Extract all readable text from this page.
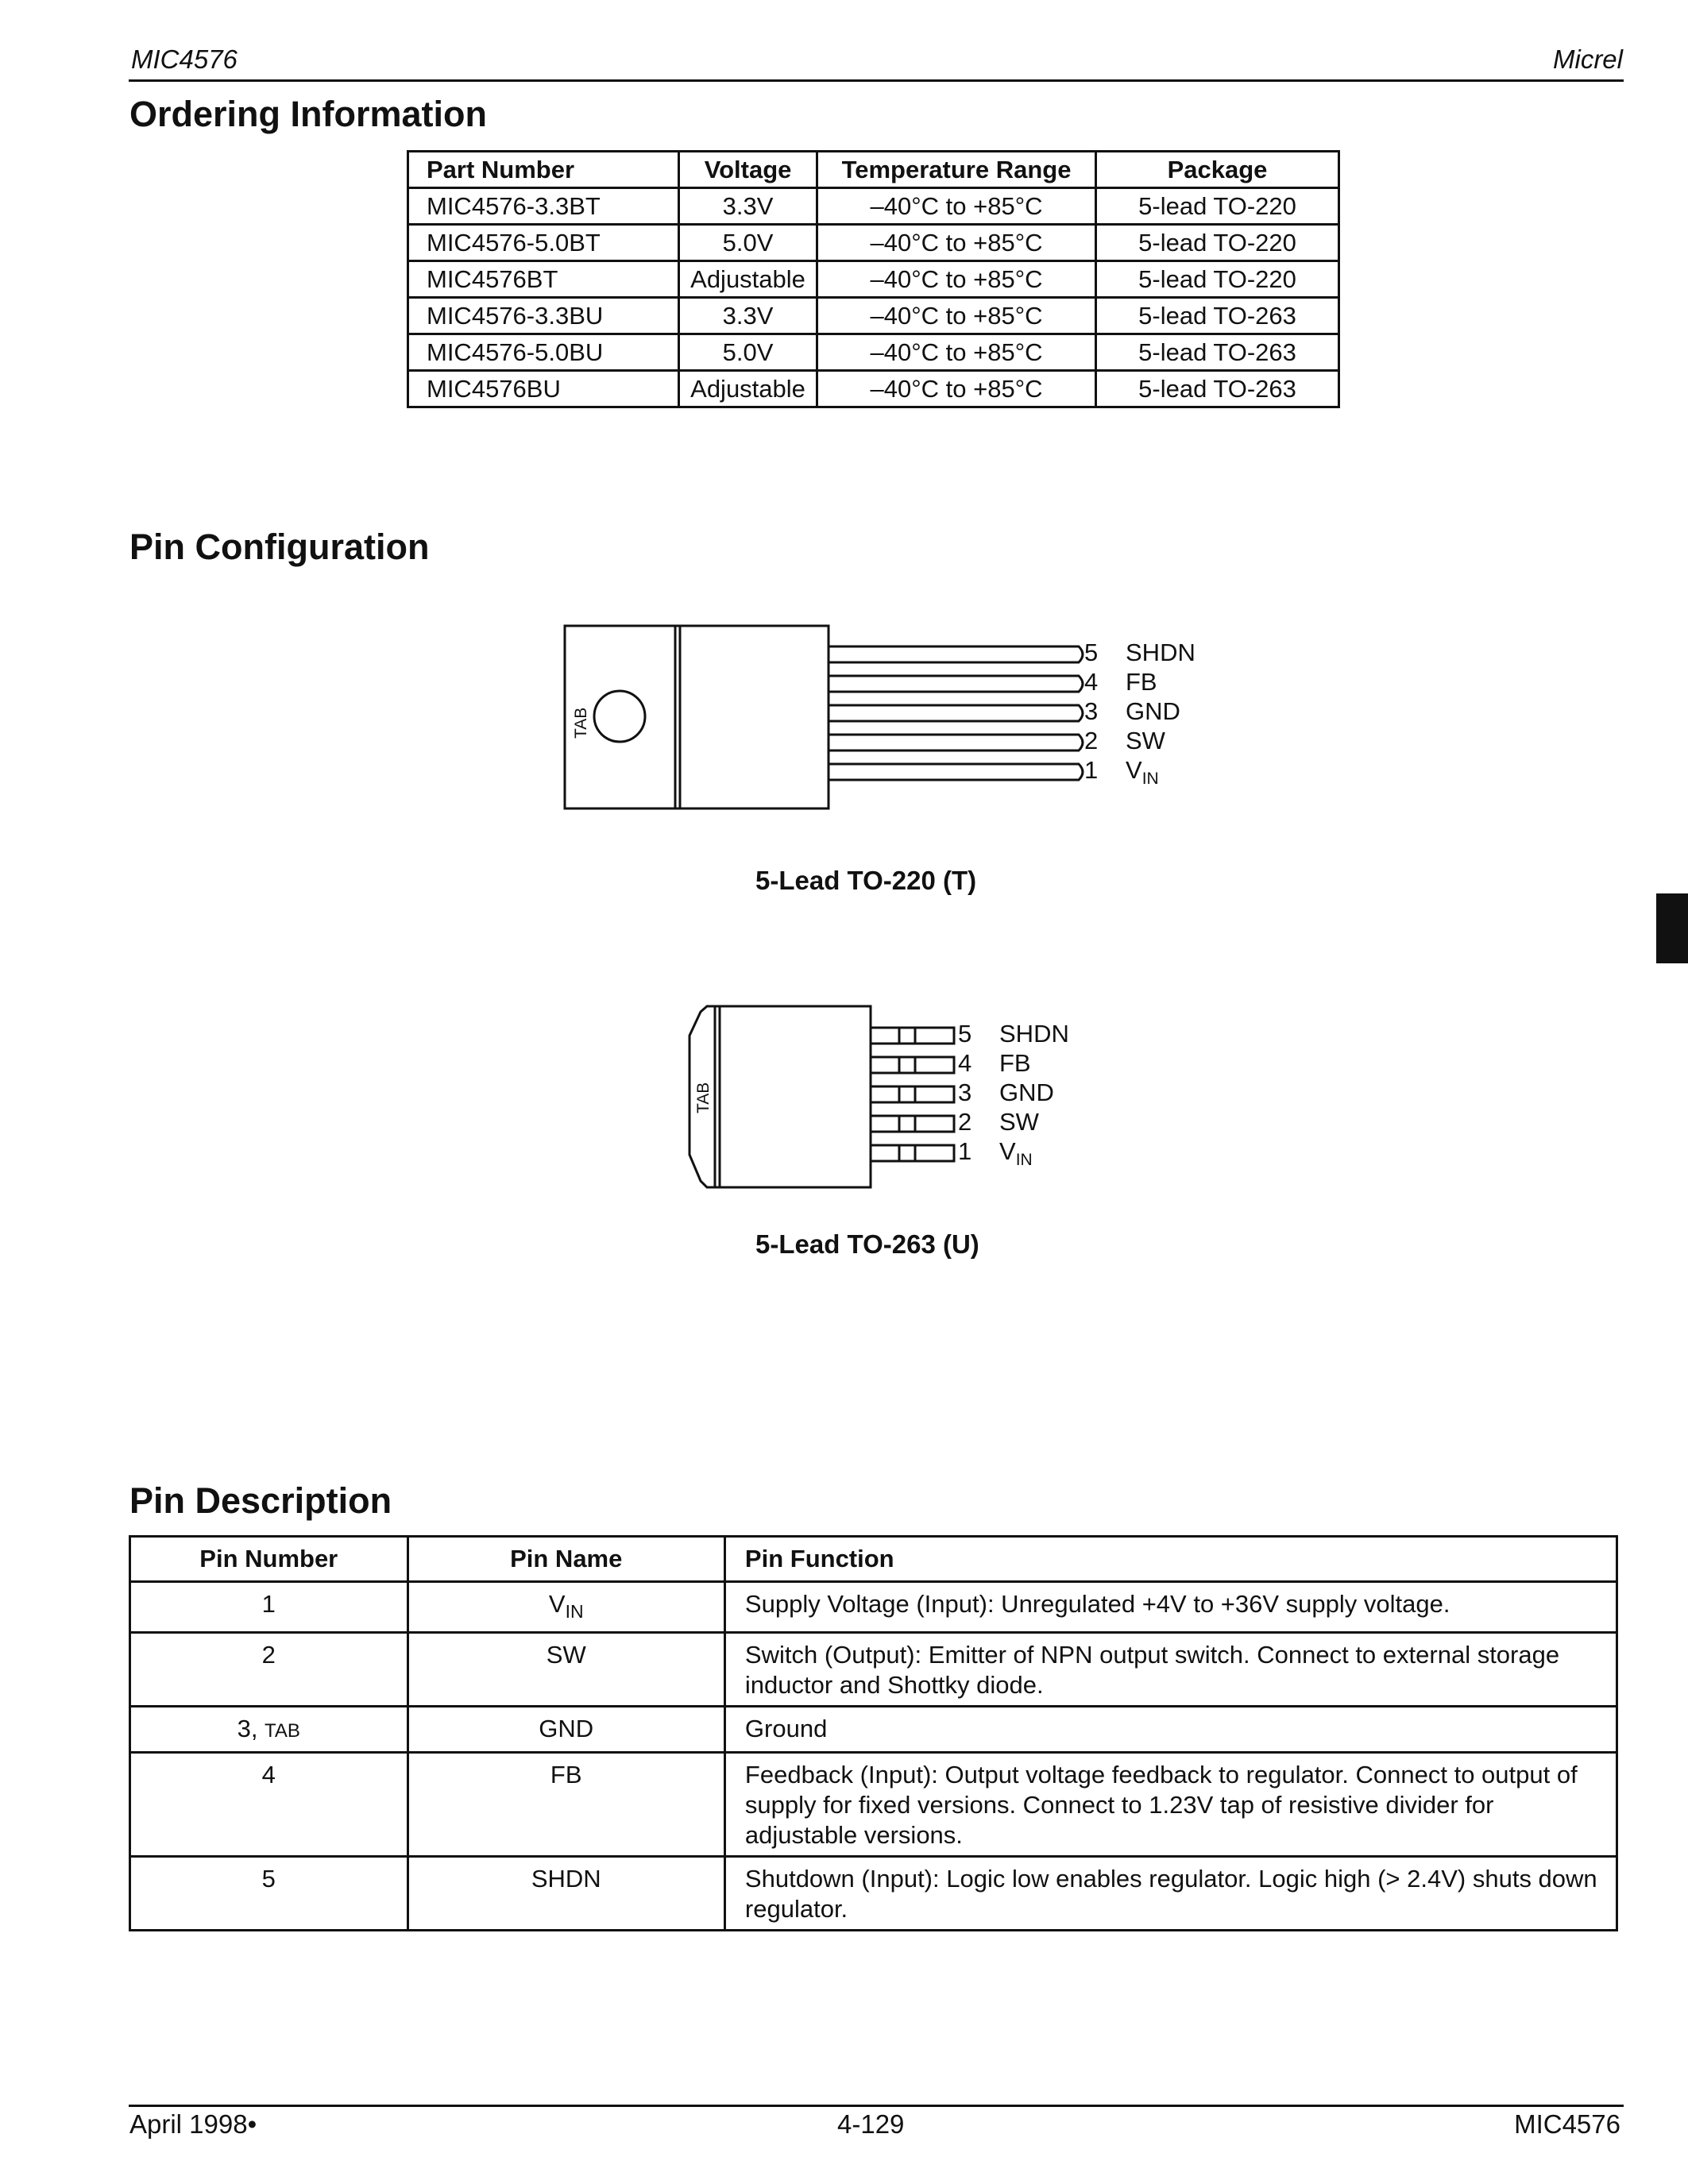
MIC4576	Micrel
Ordering Information
Part Number	Voltage	Temperature Range	Package
MIC4576-3.3BT	3.3V	–40°C to +85°C	5-lead TO-220
MIC4576-5.0BT	5.0V	–40°C to +85°C	5-lead TO-220
MIC4576BT	Adjustable	–40°C to +85°C	5-lead TO-220
MIC4576-3.3BU	3.3V	–40°C to +85°C	5-lead TO-263
MIC4576-5.0BU	5.0V	–40°C to +85°C	5-lead TO-263
MIC4576BU	Adjustable	–40°C to +85°C	5-lead TO-263
Pin Configuration
TAB
5 SHDN
4 FB
3 GND
2 SW
1 $V_{IN}$
5-Lead TO-220 (T)
TAB
5 SHDN
4 FB
3 GND
2 SW
1 $V_{IN}$
5-Lead TO-263 (U)
Pin Description
Pin Number	Pin Name	Pin Function
1	$V_{IN}$	Supply Voltage (Input): Unregulated +4V to +36V supply voltage.
2	SW	Switch (Output): Emitter of NPN output switch. Connect to external storage inductor and Shottky diode.
3, TAB	GND	Ground
4	FB	Feedback (Input): Output voltage feedback to regulator. Connect to output of supply for fixed versions. Connect to 1.23V tap of resistive divider for adjustable versions.
5	SHDN	Shutdown (Input): Logic low enables regulator. Logic high (> 2.4V) shuts down regulator.
April 1998•	4-129	MIC4576
